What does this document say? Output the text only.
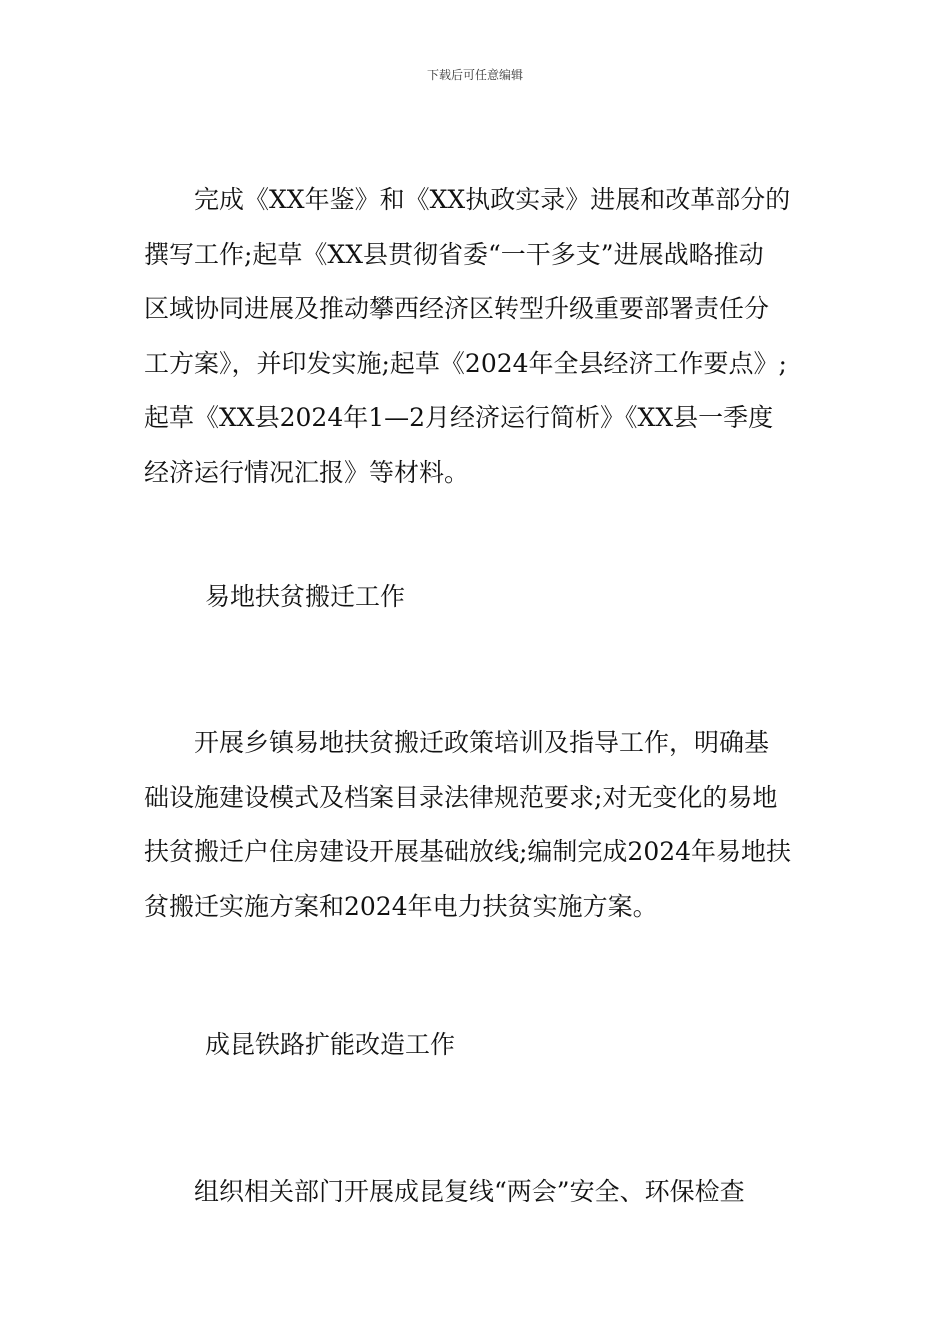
下载后可任意编辑
　　完成《XX年鉴》和《XX执政实录》进展和改革部分的
撰写工作;起草《XX县贯彻省委“一干多支”进展战略推动
区域协同进展及推动攀西经济区转型升级重要部署责任分
工方案》，并印发实施;起草《2024年全县经济工作要点》;
起草《XX县2024年1—2月经济运行简析》《XX县一季度
经济运行情况汇报》等材料。
易地扶贫搬迁工作
　　开展乡镇易地扶贫搬迁政策培训及指导工作，明确基
础设施建设模式及档案目录法律规范要求;对无变化的易地
扶贫搬迁户住房建设开展基础放线;编制完成2024年易地扶
贫搬迁实施方案和2024年电力扶贫实施方案。
成昆铁路扩能改造工作
　　组织相关部门开展成昆复线“两会”安全、环保检查
